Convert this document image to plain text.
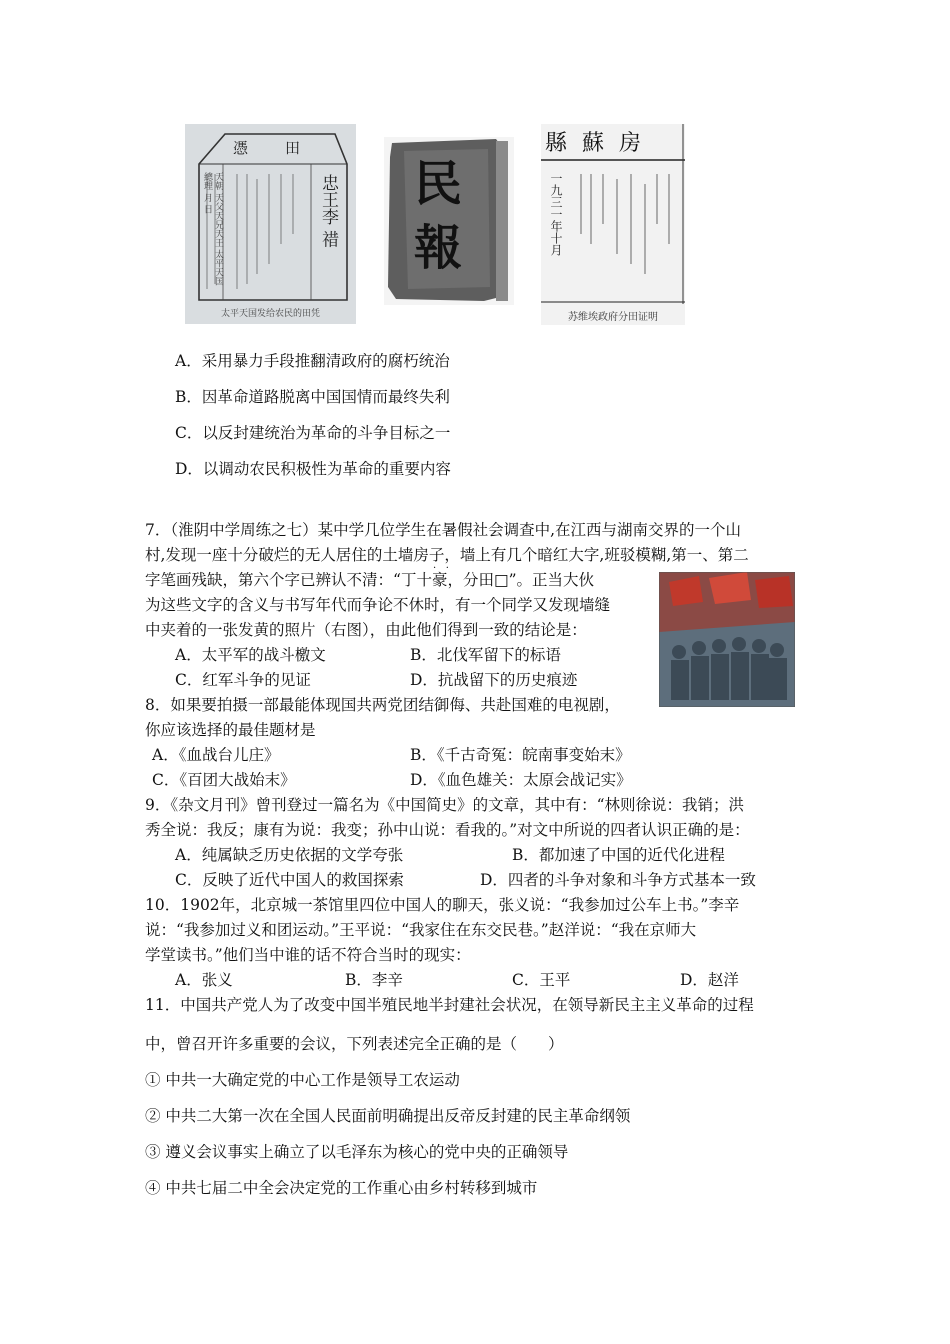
憑 田
忠王李 䄍
天朝 天父天兄天王 太平天国 總理 月 日
太平天国发给农民的田凭
民
報
縣 蘇 房
一九三一年十月
苏维埃政府分田证明
A．采用暴力手段推翻清政府的腐朽统治
B．因革命道路脱离中国国情而最终失利
C．以反封建统治为革命的斗争目标之一
D．以调动农民积极性为革命的重要内容
7．（淮阴中学周练之七）某中学几位学生在暑假社会调查中,在江西与湖南交界的一个山
村,发现一座十分破烂的无人居住的土墙房子，墙上有几个暗红大字,班驳模糊,第一、第二
字笔画残缺，第六个字已辨认不清：“丁十豪，分田□”。正当大伙
·   ·
为这些文字的含义与书写年代而争论不休时，有一个同学又发现墙缝
中夹着的一张发黄的照片（右图），由此他们得到一致的结论是：
A．太平军的战斗檄文	B．北伐军留下的标语
C．红军斗争的见证	D．抗战留下的历史痕迹
8．如果要拍摄一部最能体现国共两党团结御侮、共赴国难的电视剧，
你应该选择的最佳题材是
A．《血战台儿庄》	B．《千古奇冤：皖南事变始末》
C．《百团大战始末》	D．《血色雄关：太原会战记实》
9．《杂文月刊》曾刊登过一篇名为《中国简史》的文章，其中有：“林则徐说：我销；洪
秀全说：我反；康有为说：我变；孙中山说：看我的。”对文中所说的四者认识正确的是：
A．纯属缺乏历史依据的文学夸张	B．都加速了中国的近代化进程
C．反映了近代中国人的救国探索	D．四者的斗争对象和斗争方式基本一致
10．1902年，北京城一茶馆里四位中国人的聊天，张义说：“我参加过公车上书。”李辛
说：“我参加过义和团运动。”王平说：“我家住在东交民巷。”赵洋说：“我在京师大
学堂读书。”他们当中谁的话不符合当时的现实：
A．张义	B．李辛	C．王平	D．赵洋
11．中国共产党人为了改变中国半殖民地半封建社会状况，在领导新民主主义革命的过程
中，曾召开许多重要的会议，下列表述完全正确的是（　　）
① 中共一大确定党的中心工作是领导工农运动
② 中共二大第一次在全国人民面前明确提出反帝反封建的民主革命纲领
③ 遵义会议事实上确立了以毛泽东为核心的党中央的正确领导
④ 中共七届二中全会决定党的工作重心由乡村转移到城市
